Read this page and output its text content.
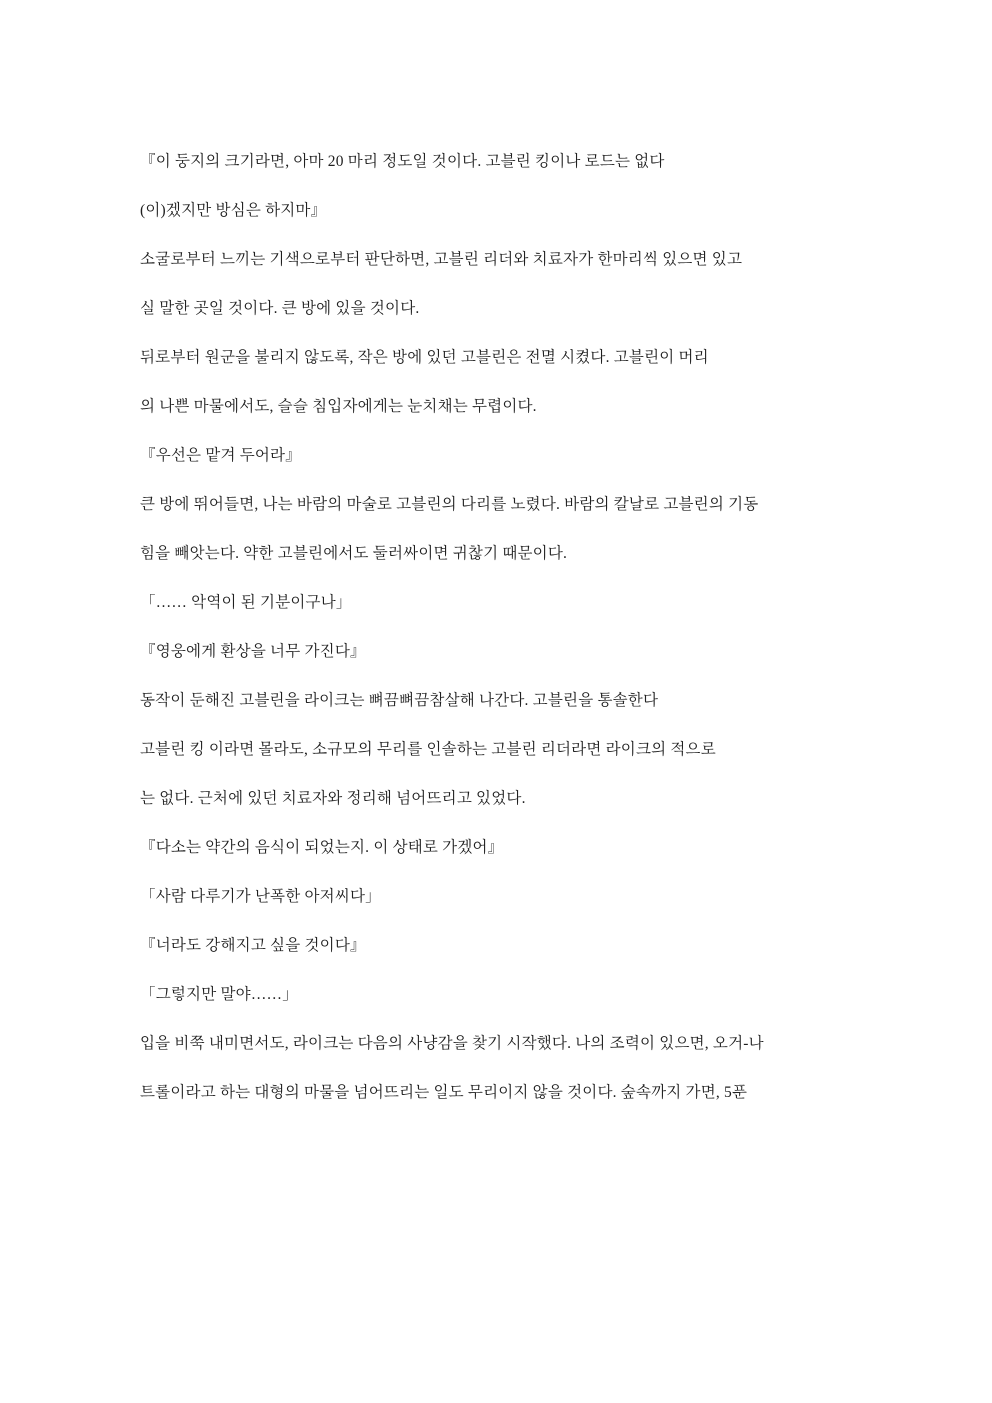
『이 둥지의 크기라면, 아마 20 마리 정도일 것이다. 고블린 킹이나 로드는 없다

(이)겠지만 방심은 하지마』

소굴로부터 느끼는 기색으로부터 판단하면, 고블린 리더와 치료자가 한마리씩 있으면 있고

실 말한 곳일 것이다. 큰 방에 있을 것이다.

뒤로부터 원군을 불리지 않도록, 작은 방에 있던 고블린은 전멸 시켰다. 고블린이 머리

의 나쁜 마물에서도, 슬슬 침입자에게는 눈치채는 무렵이다.

『우선은 맡겨 두어라』

큰 방에 뛰어들면, 나는 바람의 마술로 고블린의 다리를 노렸다. 바람의 칼날로 고블린의 기동

힘을 빼앗는다. 약한 고블린에서도 둘러싸이면 귀찮기 때문이다.

「…… 악역이 된 기분이구나」

『영웅에게 환상을 너무 가진다』

동작이 둔해진 고블린을 라이크는 뼈끔뼈끔참살해 나간다. 고블린을 통솔한다

고블린 킹 이라면 몰라도, 소규모의 무리를 인솔하는 고블린 리더라면 라이크의 적으로

는 없다. 근처에 있던 치료자와 정리해 넘어뜨리고 있었다.

『다소는 약간의 음식이 되었는지. 이 상태로 가겠어』

「사람 다루기가 난폭한 아저씨다」

『너라도 강해지고 싶을 것이다』

「그렇지만 말야……」

입을 비쭉 내미면서도, 라이크는 다음의 사냥감을 찾기 시작했다. 나의 조력이 있으면, 오거-나

트롤이라고 하는 대형의 마물을 넘어뜨리는 일도 무리이지 않을 것이다. 숲속까지 가면, 5푼
